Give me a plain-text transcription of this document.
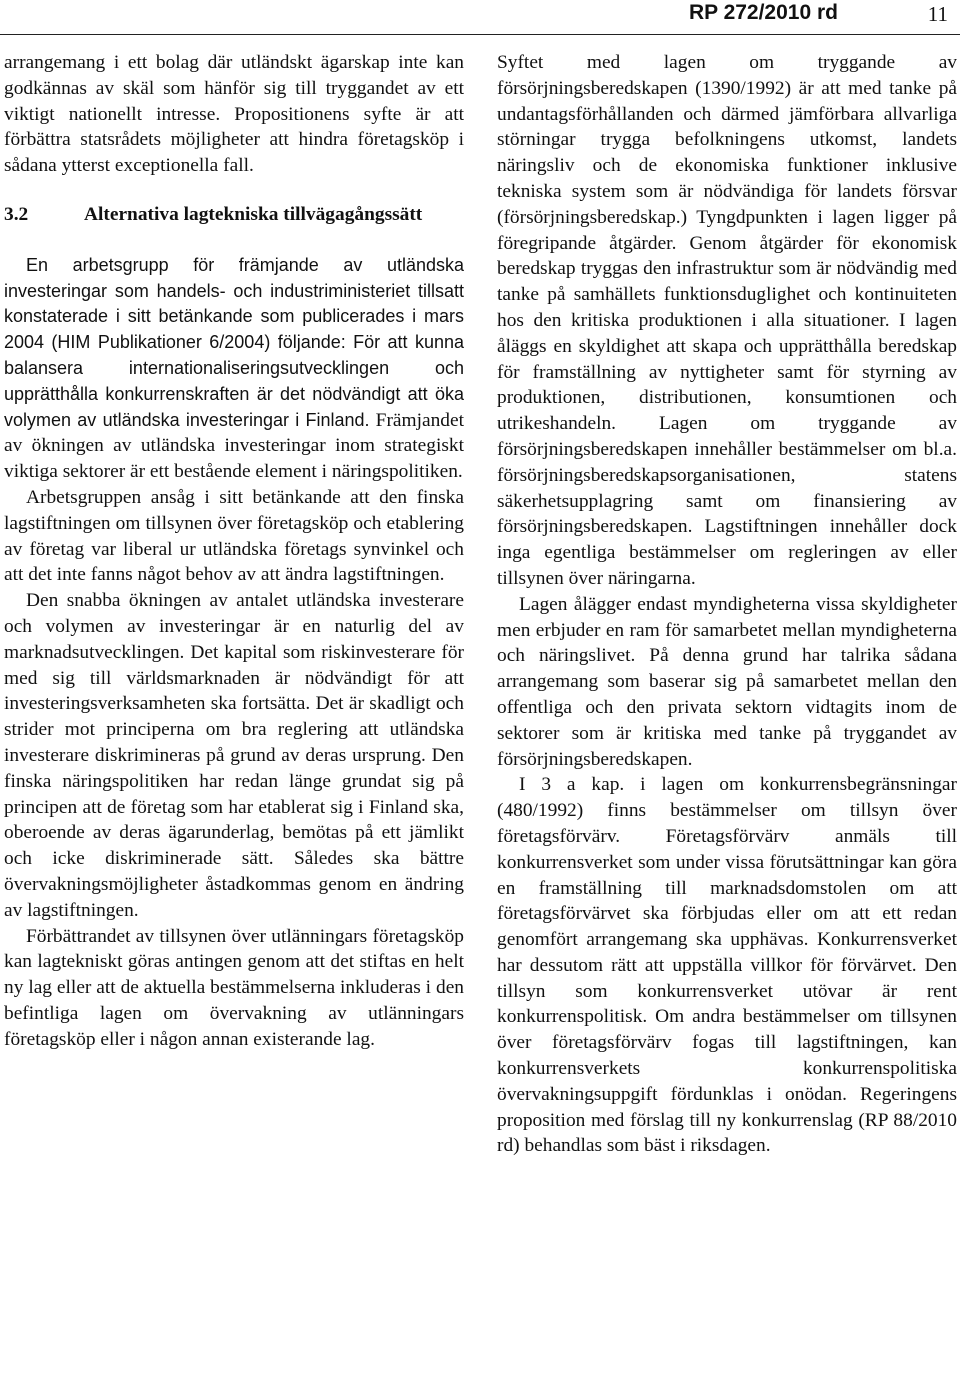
RP 272/2010 rd	11

arrangemang i ett bolag där utländskt ägarskap inte kan godkännas av skäl som hänför sig till tryggandet av ett viktigt nationellt intresse. Propositionens syfte är att förbättra statsrådets möjligheter att hindra företagsköp i sådana ytterst exceptionella fall.

3.2	Alternativa lagtekniska tillvägagångssätt

En arbetsgrupp för främjande av utländska investeringar som handels- och industriministeriet tillsatt konstaterade i sitt betänkande som publicerades i mars 2004 (HIM Publikationer 6/2004) följande: För att kunna balansera internationaliseringsutvecklingen och upprätthålla konkurrenskraften är det nödvändigt att öka volymen av utländska investeringar i Finland. Främjandet av ökningen av utländska investeringar inom strategiskt viktiga sektorer är ett bestående element i näringspolitiken.

Arbetsgruppen ansåg i sitt betänkande att den finska lagstiftningen om tillsynen över företagsköp och etablering av företag var liberal ur utländska företags synvinkel och att det inte fanns något behov av att ändra lagstiftningen.

Den snabba ökningen av antalet utländska investerare och volymen av investeringar är en naturlig del av marknadsutvecklingen. Det kapital som riskinvesterare för med sig till världsmarknaden är nödvändigt för att investeringsverksamheten ska fortsätta. Det är skadligt och strider mot principerna om bra reglering att utländska investerare diskrimineras på grund av deras ursprung. Den finska näringspolitiken har redan länge grundat sig på principen att de företag som har etablerat sig i Finland ska, oberoende av deras ägarunderlag, bemötas på ett jämlikt och icke diskriminerade sätt. Således ska bättre övervakningsmöjligheter åstadkommas genom en ändring av lagstiftningen.

Förbättrandet av tillsynen över utlänningars företagsköp kan lagtekniskt göras antingen genom att det stiftas en helt ny lag eller att de aktuella bestämmelserna inkluderas i den befintliga lagen om övervakning av utlänningars företagsköp eller i någon annan existerande lag.

Syftet med lagen om tryggande av försörjningsberedskapen (1390/1992) är att med tanke på undantagsförhållanden och därmed jämförbara allvarliga störningar trygga befolkningens utkomst, landets näringsliv och de ekonomiska funktioner inklusive tekniska system som är nödvändiga för landets försvar (försörjningsberedskap.) Tyngdpunkten i lagen ligger på föregripande åtgärder. Genom åtgärder för ekonomisk beredskap tryggas den infrastruktur som är nödvändig med tanke på samhällets funktionsduglighet och kontinuiteten hos den kritiska produktionen i alla situationer. I lagen åläggs en skyldighet att skapa och upprätthålla beredskap för framställning av nyttigheter samt för styrning av produktionen, distributionen, konsumtionen och utrikeshandeln. Lagen om tryggande av försörjningsberedskapen innehåller bestämmelser om bl.a. försörjningsberedskapsorganisationen, statens säkerhetsupplagring samt om finansiering av försörjningsberedskapen. Lagstiftningen innehåller dock inga egentliga bestämmelser om regleringen av eller tillsynen över näringarna.

Lagen ålägger endast myndigheterna vissa skyldigheter men erbjuder en ram för samarbetet mellan myndigheterna och näringslivet. På denna grund har talrika sådana arrangemang som baserar sig på samarbetet mellan den offentliga och den privata sektorn vidtagits inom de sektorer som är kritiska med tanke på tryggandet av försörjningsberedskapen.

I 3 a kap. i lagen om konkurrensbegränsningar (480/1992) finns bestämmelser om tillsyn över företagsförvärv. Företagsförvärv anmäls till konkurrensverket som under vissa förutsättningar kan göra en framställning till marknadsdomstolen om att företagsförvärvet ska förbjudas eller om att ett redan genomfört arrangemang ska upphävas. Konkurrensverket har dessutom rätt att uppställa villkor för förvärvet. Den tillsyn som konkurrensverket utövar är rent konkurrenspolitisk. Om andra bestämmelser om tillsynen över företagsförvärv fogas till lagstiftningen, kan konkurrensverkets konkurrenspolitiska övervakningsuppgift fördunklas i onödan. Regeringens proposition med förslag till ny konkurrenslag (RP 88/2010 rd) behandlas som bäst i riksdagen.
